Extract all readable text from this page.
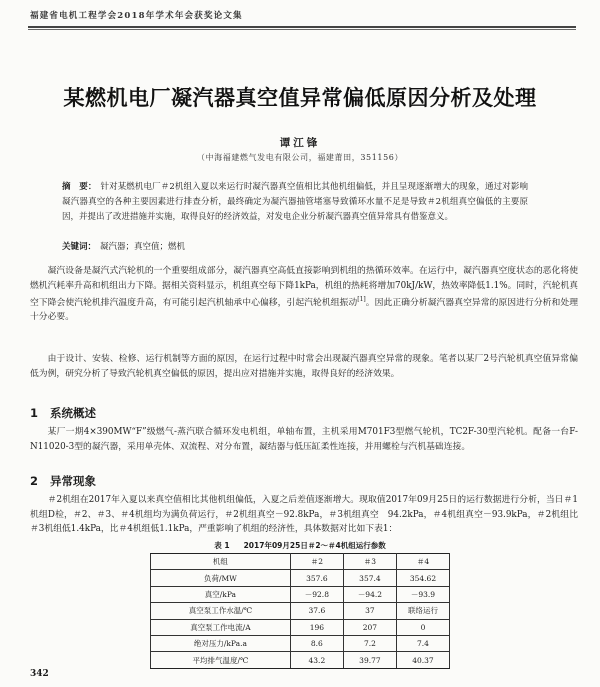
福建省电机工程学会2018年学术年会获奖论文集
某燃机电厂凝汽器真空值异常偏低原因分析及处理
谭江锋
（中海福建燃气发电有限公司，福建莆田，351156）
摘　要： 针对某燃机电厂＃2机组入夏以来运行时凝汽器真空值相比其他机组偏低，并且呈现逐渐增大的现象，通过对影响凝汽器真空的各种主要因素进行排查分析，最终确定为凝汽器抽管堵塞导致循环水量不足是导致＃2机组真空偏低的主要原因，并提出了改进措施并实施，取得良好的经济效益，对发电企业分析凝汽器真空值异常具有借鉴意义。
关键词： 凝汽器；真空值；燃机
凝汽设备是凝汽式汽轮机的一个重要组成部分，凝汽器真空高低直接影响到机组的热循环效率。在运行中，凝汽器真空度状态的恶化将使燃机汽耗率升高和机组出力下降。据相关资料显示，机组真空每下降1kPa，机组的热耗将增加70kJ/kW，热效率降低1.1%。同时，汽轮机真空下降会使汽轮机排汽温度升高，有可能引起汽机轴承中心偏移，引起汽轮机组振动[1]。因此正确分析凝汽器真空异常的原因进行分析和处理十分必要。
由于设计、安装、检修、运行机制等方面的原因，在运行过程中时常会出现凝汽器真空异常的现象。笔者以某厂2号汽轮机真空值异常偏低为例，研究分析了导致汽轮机真空偏低的原因，提出应对措施并实施，取得良好的经济效果。
1 系统概述
某厂一期4×390MW“F”级燃气-蒸汽联合循环发电机组，单轴布置，主机采用M701F3型燃气轮机，TC2F-30型汽轮机。配备一台F-N11020-3型的凝汽器，采用单壳体、双流程、对分布置，凝结器与低压缸柔性连接，并用螺栓与汽机基础连接。
2 异常现象
＃2机组在2017年入夏以来真空值相比其他机组偏低，入夏之后差值逐渐增大。现取值2017年09月25日的运行数据进行分析，当日＃1机组D检，＃2、＃3、＃4机组均为满负荷运行，＃2机组真空－92.8kPa，＃3机组真空　94.2kPa，＃4机组真空－93.9kPa，＃2机组比＃3机组低1.4kPa，比＃4机组低1.1kPa，严重影响了机组的经济性，具体数据对比如下表1：
表 1 2017年09月25日＃2～＃4机组运行参数
机组	＃2	＃3	＃4
负荷/MW	357.6	357.4	354.62
真空/kPa	－92.8	－94.2	－93.9
真空泵工作水温/℃	37.6	37	联络运行
真空泵工作电流/A	196	207	0
绝对压力/kPa.a	8.6	7.2	7.4
平均排气温度/℃	43.2	39.77	40.37
342
